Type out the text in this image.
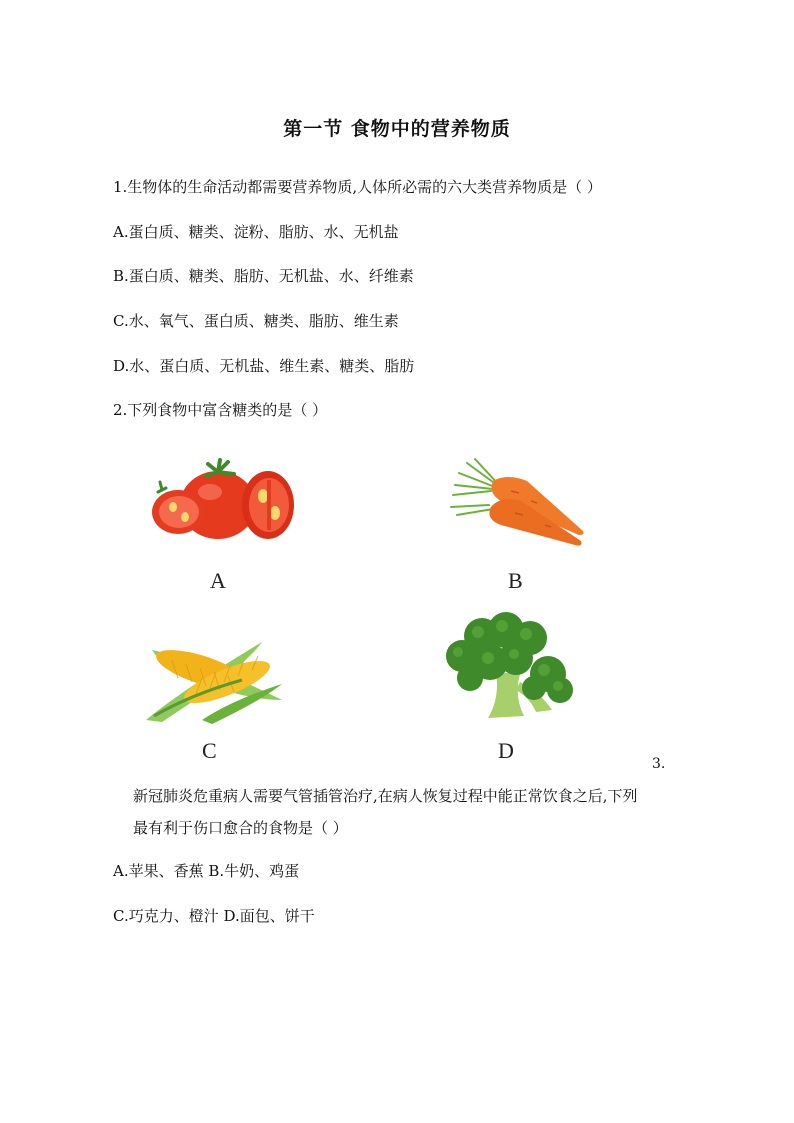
第一节 食物中的营养物质
1.生物体的生命活动都需要营养物质,人体所必需的六大类营养物质是（ ）
A.蛋白质、糖类、淀粉、脂肪、水、无机盐
B.蛋白质、糖类、脂肪、无机盐、水、纤维素
C.水、氧气、蛋白质、糖类、脂肪、维生素
D.水、蛋白质、无机盐、维生素、糖类、脂肪
2.下列食物中富含糖类的是（ ）
A	B
C	D
3.
新冠肺炎危重病人需要气管插管治疗,在病人恢复过程中能正常饮食之后,下列
最有利于伤口愈合的食物是（ ）
A.苹果、香蕉 B.牛奶、鸡蛋
C.巧克力、橙汁 D.面包、饼干
